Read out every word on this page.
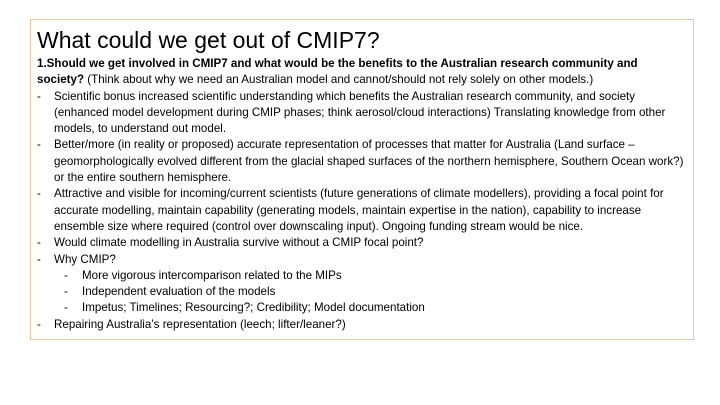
What could we get out of CMIP7?

1.Should we get involved in CMIP7 and what would be the benefits to the Australian research community and society? (Think about why we need an Australian model and cannot/should not rely solely on other models.)

- Scientific bonus increased scientific understanding which benefits the Australian research community, and society (enhanced model development during CMIP phases; think aerosol/cloud interactions) Translating knowledge from other models, to understand out model.
- Better/more (in reality or proposed) accurate representation of processes that matter for Australia (Land surface – geomorphologically evolved different from the glacial shaped surfaces of the northern hemisphere, Southern Ocean work?) or the entire southern hemisphere.
- Attractive and visible for incoming/current scientists (future generations of climate modellers), providing a focal point for accurate modelling, maintain capability (generating models, maintain expertise in the nation), capability to increase ensemble size where required (control over downscaling input). Ongoing funding stream would be nice.
- Would climate modelling in Australia survive without a CMIP focal point?
- Why CMIP?
- More vigorous intercomparison related to the MIPs
- Independent evaluation of the models
- Impetus; Timelines; Resourcing?; Credibility; Model documentation
- Repairing Australia’s representation (leech; lifter/leaner?)
